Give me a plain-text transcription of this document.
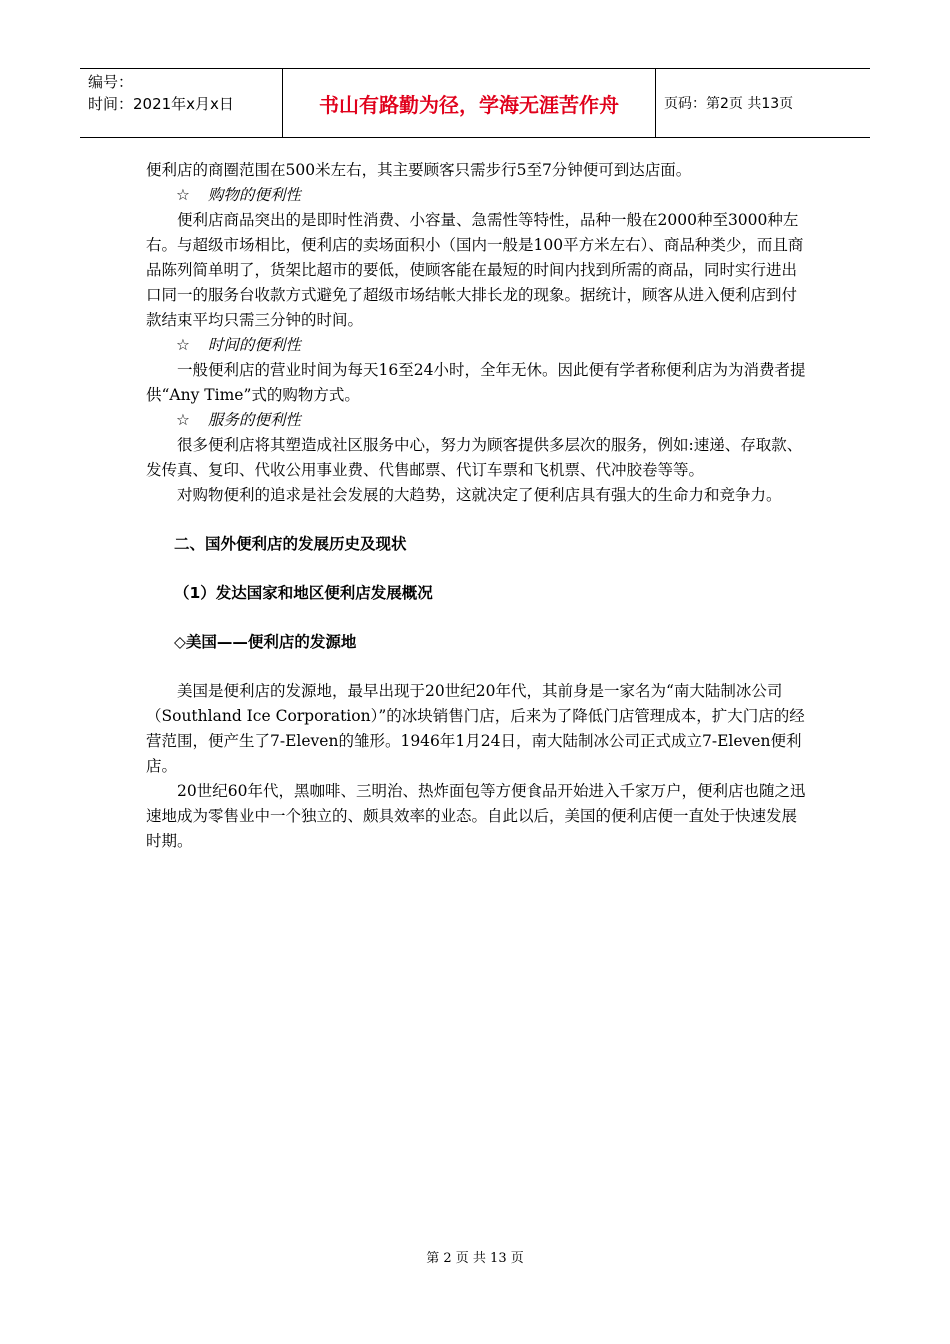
编号：
时间：2021年x月x日	书山有路勤为径，学海无涯苦作舟	页码：第2页 共13页

便利店的商圈范围在500米左右，其主要顾客只需步行5至7分钟便可到达店面。

☆ 购物的便利性

便利店商品突出的是即时性消费、小容量、急需性等特性，品种一般在2000种至3000种左右。与超级市场相比，便利店的卖场面积小（国内一般是100平方米左右）、商品种类少，而且商品陈列简单明了，货架比超市的要低，使顾客能在最短的时间内找到所需的商品，同时实行进出口同一的服务台收款方式避免了超级市场结帐大排长龙的现象。据统计，顾客从进入便利店到付款结束平均只需三分钟的时间。

☆ 时间的便利性

一般便利店的营业时间为每天16至24小时，全年无休。因此便有学者称便利店为为消费者提供“Any Time”式的购物方式。

☆ 服务的便利性

很多便利店将其塑造成社区服务中心，努力为顾客提供多层次的服务，例如:速递、存取款、发传真、复印、代收公用事业费、代售邮票、代订车票和飞机票、代冲胶卷等等。

对购物便利的追求是社会发展的大趋势，这就决定了便利店具有强大的生命力和竞争力。

二、国外便利店的发展历史及现状

（1）发达国家和地区便利店发展概况

◇美国——便利店的发源地

美国是便利店的发源地，最早出现于20世纪20年代，其前身是一家名为“南大陆制冰公司（Southland Ice Corporation）”的冰块销售门店，后来为了降低门店管理成本，扩大门店的经营范围，便产生了7-Eleven的雏形。1946年1月24日，南大陆制冰公司正式成立7-Eleven便利店。

20世纪60年代，黑咖啡、三明治、热炸面包等方便食品开始进入千家万户，便利店也随之迅速地成为零售业中一个独立的、颇具效率的业态。自此以后，美国的便利店便一直处于快速发展时期。

第 2 页 共 13 页
